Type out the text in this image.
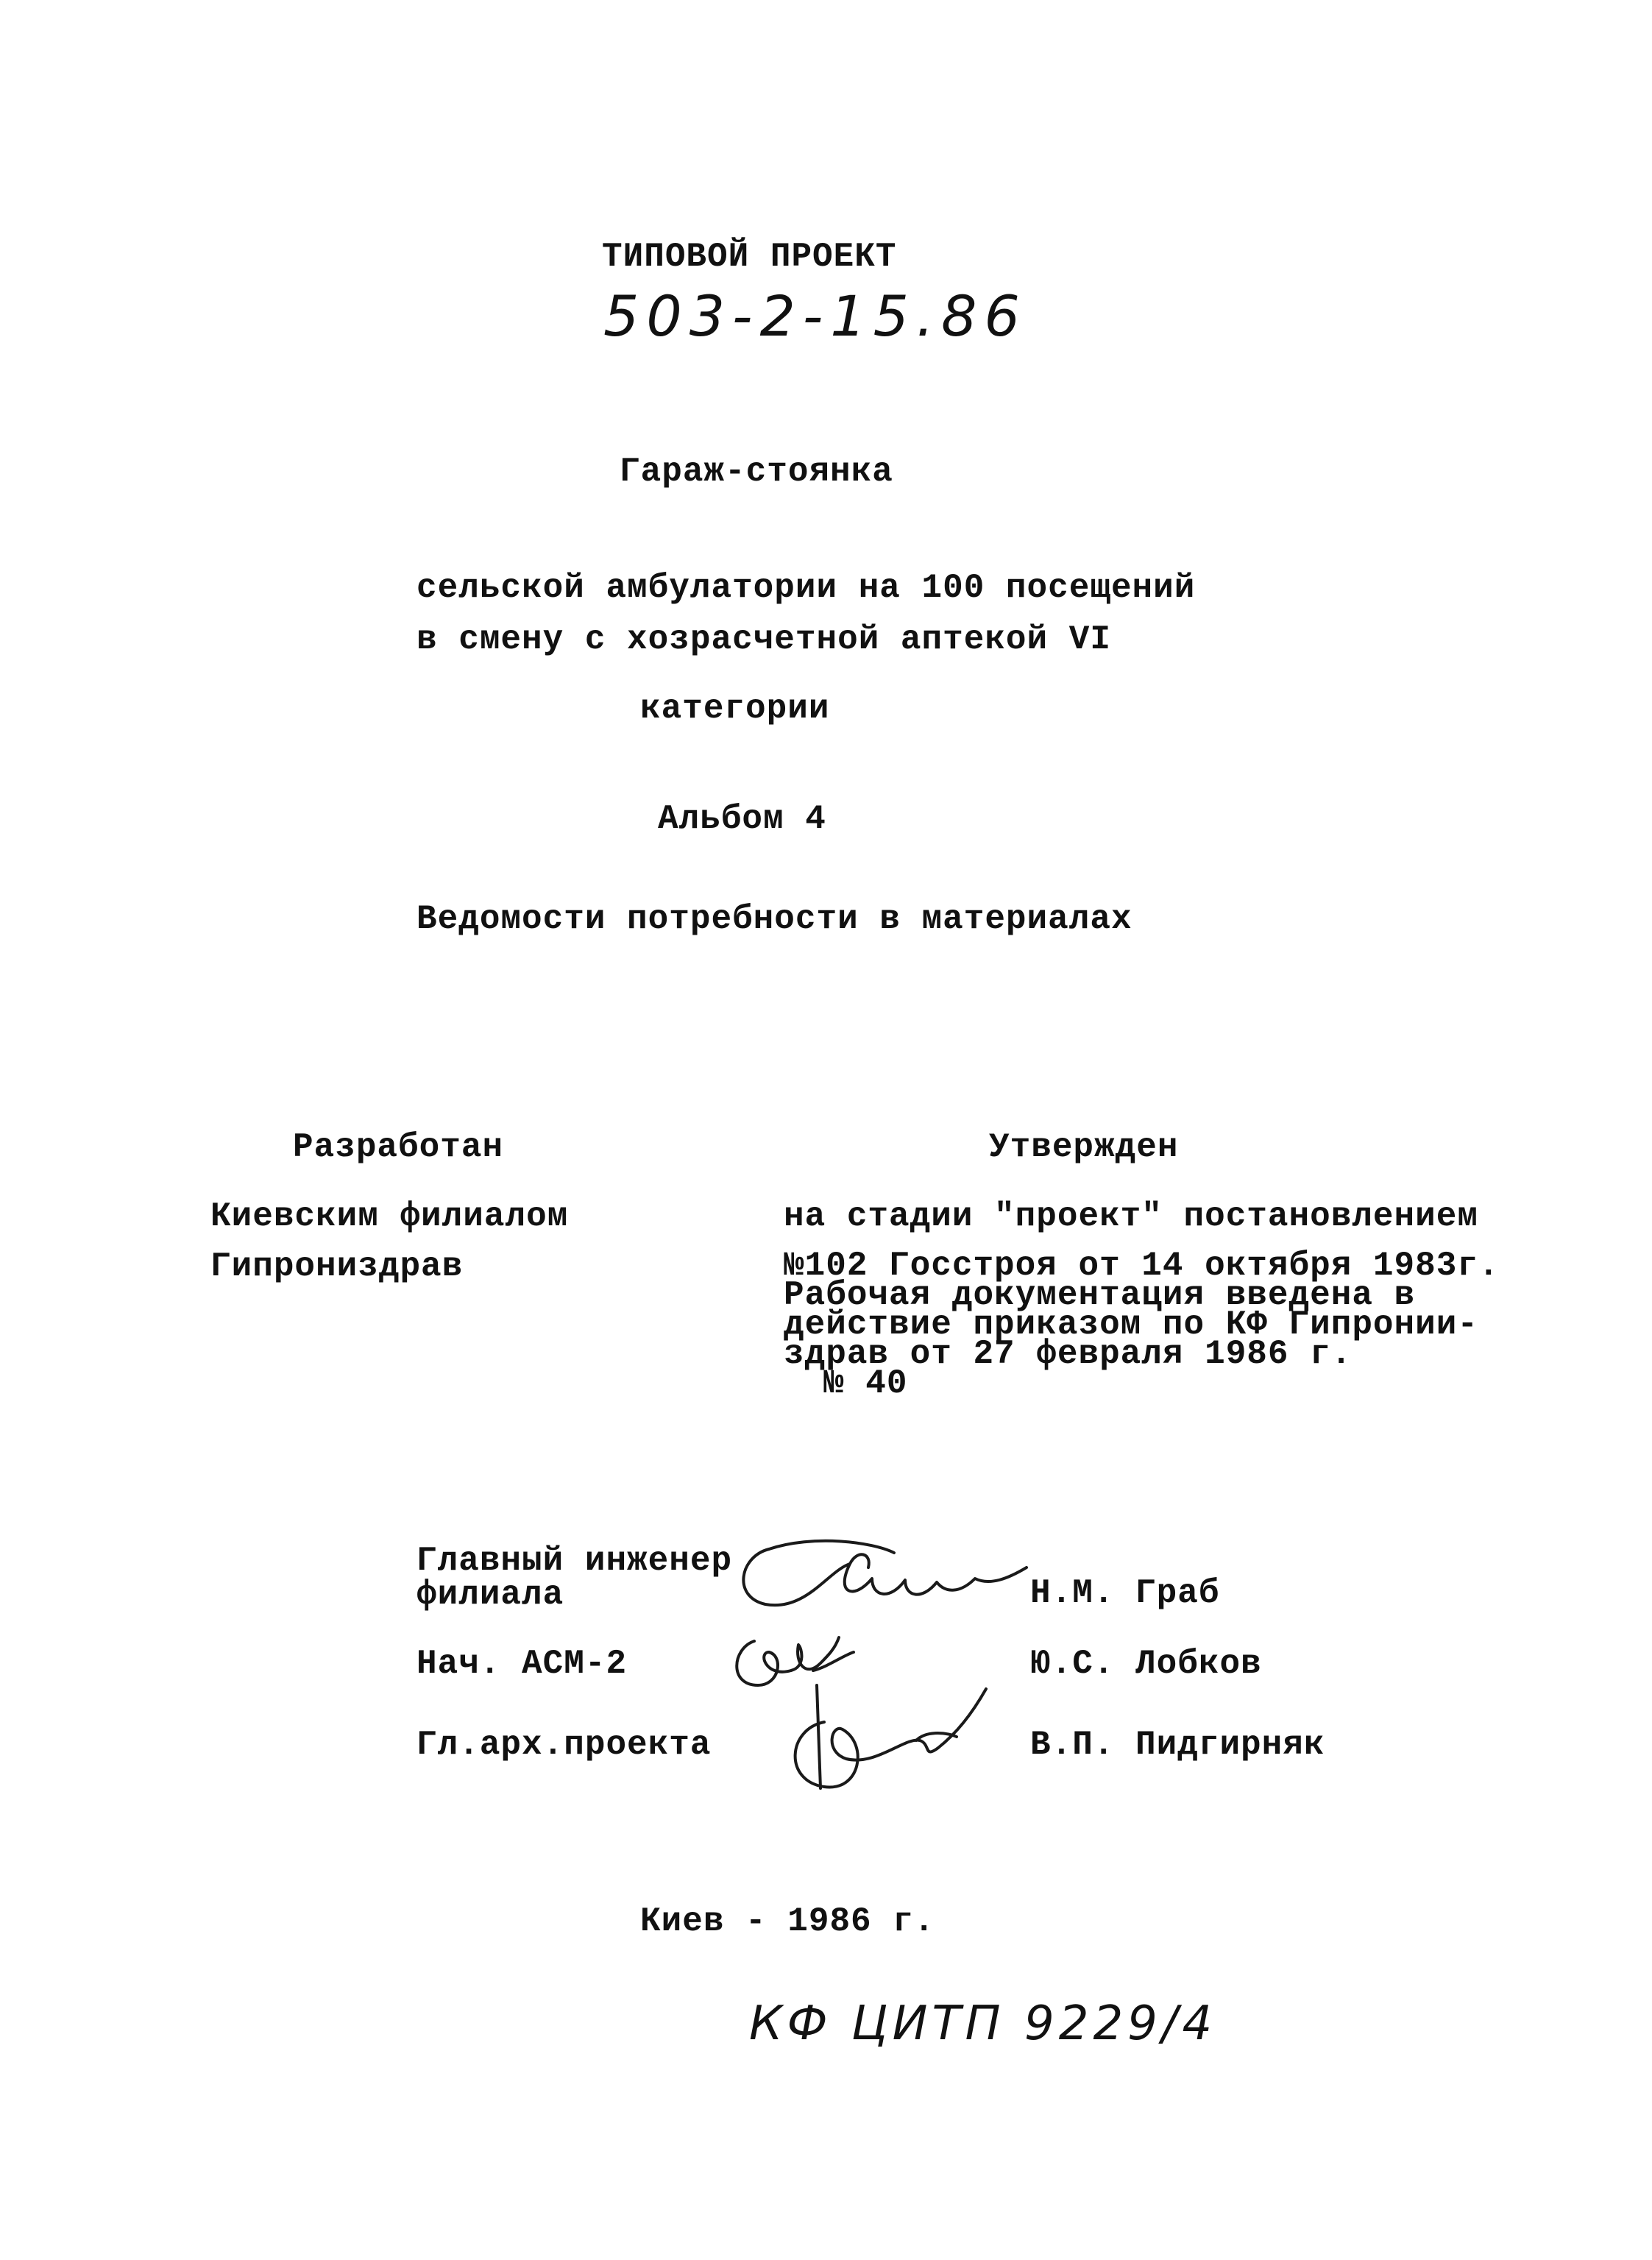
ТИПОВОЙ ПРОЕКТ
503-2-15.86
Гараж-стоянка
сельской амбулатории на 100 посещений
в смену с хозрасчетной аптекой VI
категории
Альбом 4
Ведомости потребности в материалах
Разработан
Киевским филиалом
Гипрониздрав
Утвержден
на стадии "проект" постановлением
№102 Госстроя от 14 октября 1983г.
Рабочая документация введена в
действие приказом по КФ Гипронии-
здрав от 27 февраля 1986 г.
№ 40
Главный инженер
филиала	Н.М. Граб
Нач. АСМ-2	Ю.С. Лобков
Гл.арх.проекта	В.П. Пидгирняк
Киев - 1986 г.
КФ ЦИТП 9229/4
